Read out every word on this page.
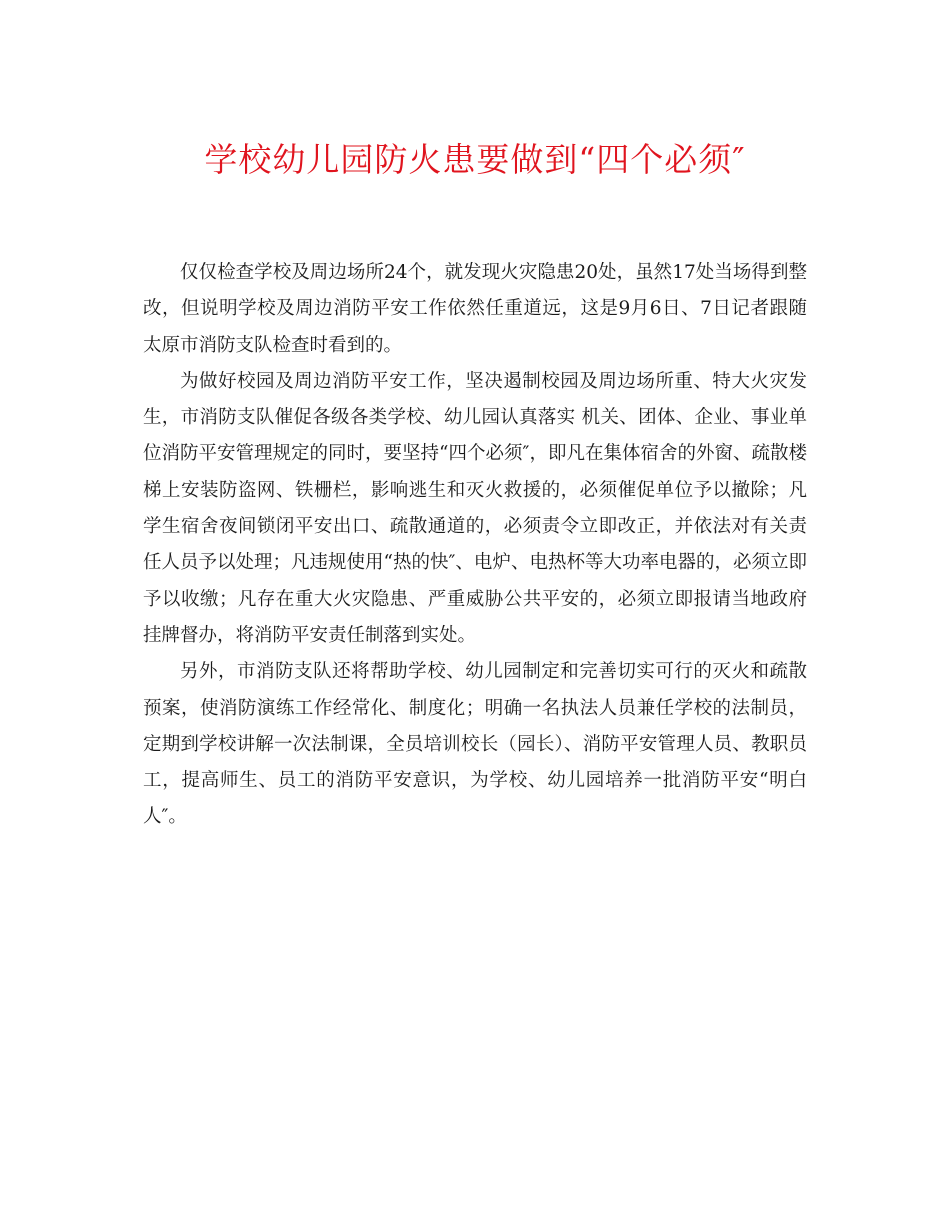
学校幼儿园防火患要做到“四个必须″

仅仅检查学校及周边场所24个，就发现火灾隐患20处，虽然17处当场得到整改，但说明学校及周边消防平安工作依然任重道远，这是9月6日、7日记者跟随太原市消防支队检查时看到的。

为做好校园及周边消防平安工作，坚决遏制校园及周边场所重、特大火灾发生，市消防支队催促各级各类学校、幼儿园认真落实 机关、团体、企业、事业单位消防平安管理规定的同时，要坚持“四个必须″，即凡在集体宿舍的外窗、疏散楼梯上安装防盗网、铁栅栏，影响逃生和灭火救援的，必须催促单位予以撤除；凡学生宿舍夜间锁闭平安出口、疏散通道的，必须责令立即改正，并依法对有关责任人员予以处理；凡违规使用“热的快″、电炉、电热杯等大功率电器的，必须立即予以收缴；凡存在重大火灾隐患、严重威胁公共平安的，必须立即报请当地政府挂牌督办，将消防平安责任制落到实处。

另外，市消防支队还将帮助学校、幼儿园制定和完善切实可行的灭火和疏散预案，使消防演练工作经常化、制度化；明确一名执法人员兼任学校的法制员，定期到学校讲解一次法制课，全员培训校长（园长）、消防平安管理人员、教职员工，提高师生、员工的消防平安意识，为学校、幼儿园培养一批消防平安“明白人″。
